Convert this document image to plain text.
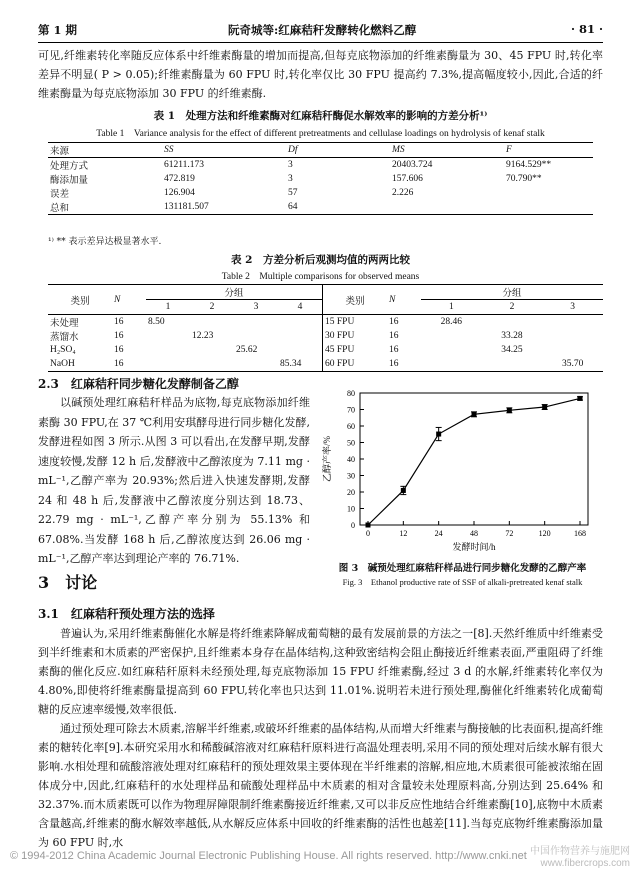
第 1 期	阮奇城等:红麻秸秆发酵转化燃料乙醇	· 81 ·
可见,纤维素转化率随反应体系中纤维素酶量的增加而提高,但每克底物添加的纤维素酶量为 30、45 FPU 时,转化率差异不明显( P > 0.05);纤维素酶量为 60 FPU 时,转化率仅比 30 FPU 提高约 7.3%,提高幅度较小,因此,合适的纤维素酶量为每克底物添加 30 FPU 的纤维素酶.
表 1　处理方法和纤维素酶对红麻秸秆酶促水解效率的影响的方差分析¹⁾
Table 1　Variance analysis for the effect of different pretreatments and cellulase loadings on hydrolysis of kenaf stalk
来源	SS	Df	MS	F
处理方式	61211.173	3	20403.724	9164.529**
酶添加量	472.819	3	157.606	70.790**
误差	126.904	57	2.226	
总和	131181.507	64		
¹⁾ ** 表示差异达极显著水平.
表 2　方差分析后观测均值的两两比较
Table 2　Multiple comparisons for observed means
类别	N	分组				类别	N	分组		
		1	2	3	4			1	2	3
未处理	16	8.50				15 FPU	16	28.46		
蒸馏水	16		12.23			30 FPU	16		33.28	
H₂SO₄	16			25.62		45 FPU	16		34.25	
NaOH	16				85.34	60 FPU	16			35.70
2.3　红麻秸秆同步糖化发酵制备乙醇
以碱预处理红麻秸秆样品为底物,每克底物添加纤维素酶 30 FPU,在 37 ℃利用安琪酵母进行同步糖化发酵,发酵进程如图 3 所示.从图 3 可以看出,在发酵早期,发酵速度较慢,发酵 12 h 后,发酵液中乙醇浓度为 7.11 mg · mL⁻¹,乙醇产率为 20.93%;然后进入快速发酵期,发酵 24 和 48 h 后,发酵液中乙醇浓度分别达到 18.73、22.79 mg · mL⁻¹,乙醇产率分别为 55.13% 和 67.08%.当发酵 168 h 后,乙醇浓度达到 26.06 mg · mL⁻¹,乙醇产率达到理论产率的 76.71%.
0
10
20
30
40
50
60
70
80
0	12	24	48	72	120	168
发酵时间/h
乙醇产率/%
图 3　碱预处理红麻秸秆样品进行同步糖化发酵的乙醇产率
Fig. 3　Ethanol productive rate of SSF of alkali-pretreated kenaf stalk
3　讨论
3.1　红麻秸秆预处理方法的选择
普遍认为,采用纤维素酶催化水解是将纤维素降解成葡萄糖的最有发展前景的方法之一[8].天然纤维质中纤维素受到半纤维素和木质素的严密保护,且纤维素本身存在晶体结构,这种致密结构会阻止酶接近纤维素表面,严重阻碍了纤维素酶的催化反应.如红麻秸秆原料未经预处理,每克底物添加 15 FPU 纤维素酶,经过 3 d 的水解,纤维素转化率仅为 4.80%,即使将纤维素酶量提高到 60 FPU,转化率也只达到 11.01%.说明若未进行预处理,酶催化纤维素转化成葡萄糖的反应速率缓慢,效率很低.
通过预处理可除去木质素,溶解半纤维素,或破坏纤维素的晶体结构,从而增大纤维素与酶接触的比表面积,提高纤维素的糖转化率[9].本研究采用水和稀酸碱溶液对红麻秸秆原料进行高温处理表明,采用不同的预处理对后续水解有很大影响.水相处理和硫酸溶液处理对红麻秸秆的预处理效果主要体现在半纤维素的溶解,相应地,木质素很可能被浓缩在固体成分中,因此,红麻秸秆的水处理样品和硫酸处理样品中木质素的相对含量较未处理原料高,分别达到 25.64% 和 32.37%.而木质素既可以作为物理屏障限制纤维素酶接近纤维素,又可以非反应性地结合纤维素酶[10],底物中木质素含量越高,纤维素的酶水解效率越低,从水解反应体系中回收的纤维素酶的活性也越差[11].当每克底物纤维素酶添加量为 60 FPU 时,水
© 1994-2012 China Academic Journal Electronic Publishing House. All rights reserved. http://www.cnki.net 中国作物营养与施肥网
www.fibercrops.com
